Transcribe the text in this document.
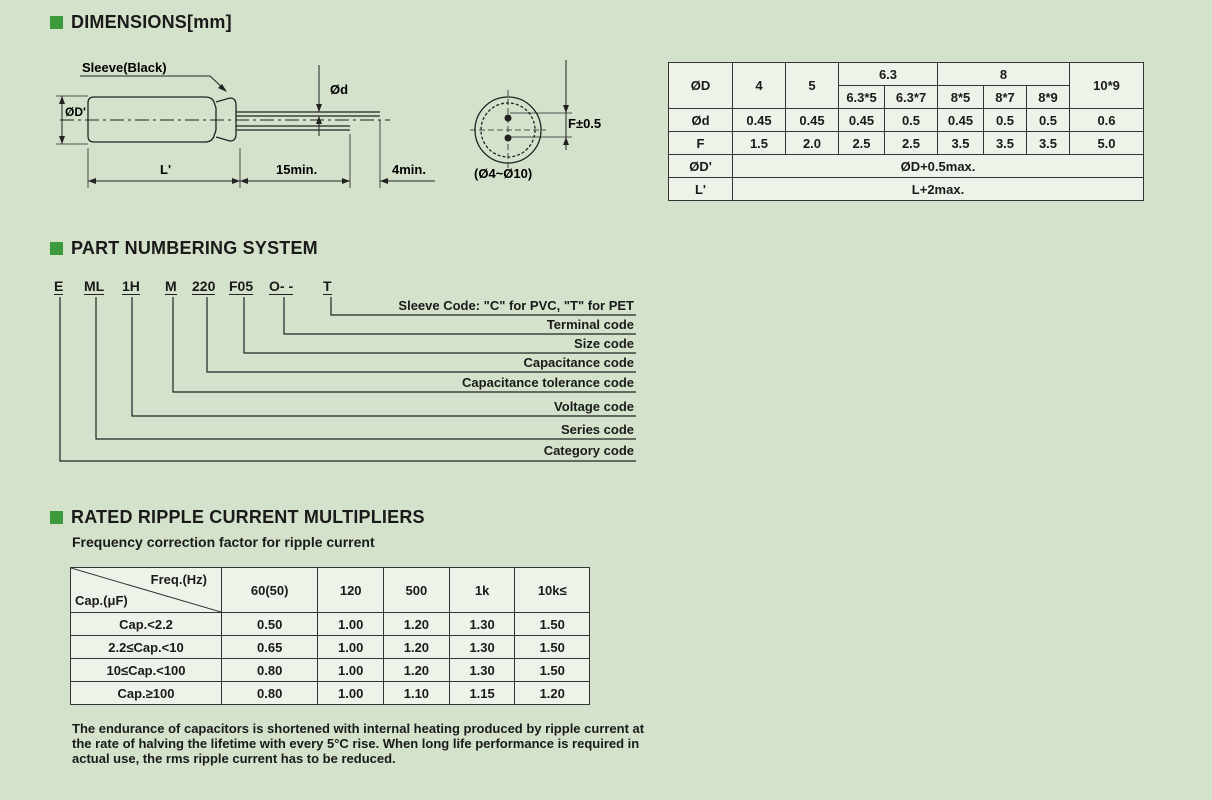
DIMENSIONS[mm]
PART NUMBERING SYSTEM
RATED RIPPLE CURRENT MULTIPLIERS
Frequency correction factor for ripple current
Sleeve(Black)
ØD'
Ød
L'	15min.	4min.
F±0.5
(Ø4~Ø10)
ØD	4	5	6.3		8			10*9
			6.3*5	6.3*7	8*5	8*7	8*9	
Ød	0.45	0.45	0.45	0.5	0.45	0.5	0.5	0.6
F	1.5	2.0	2.5	2.5	3.5	3.5	3.5	5.0
ØD'	ØD+0.5max.							
L'	L+2max.							
E ML 1H M 220 F05 O- - T
Sleeve Code: "C" for PVC, "T" for PET
Terminal code
Size code
Capacitance code
Capacitance tolerance code
Voltage code
Series code
Category code
Freq.(Hz)
Cap.(μF)	60(50)	120	500	1k	10k≤
Cap.<2.2	0.50	1.00	1.20	1.30	1.50
2.2≤Cap.<10	0.65	1.00	1.20	1.30	1.50
10≤Cap.<100	0.80	1.00	1.20	1.30	1.50
Cap.≥100	0.80	1.00	1.10	1.15	1.20
The endurance of capacitors is shortened with internal heating produced by ripple current at the rate of halving the lifetime with every 5°C rise. When long life performance is required in actual use, the rms ripple current has to be reduced.
